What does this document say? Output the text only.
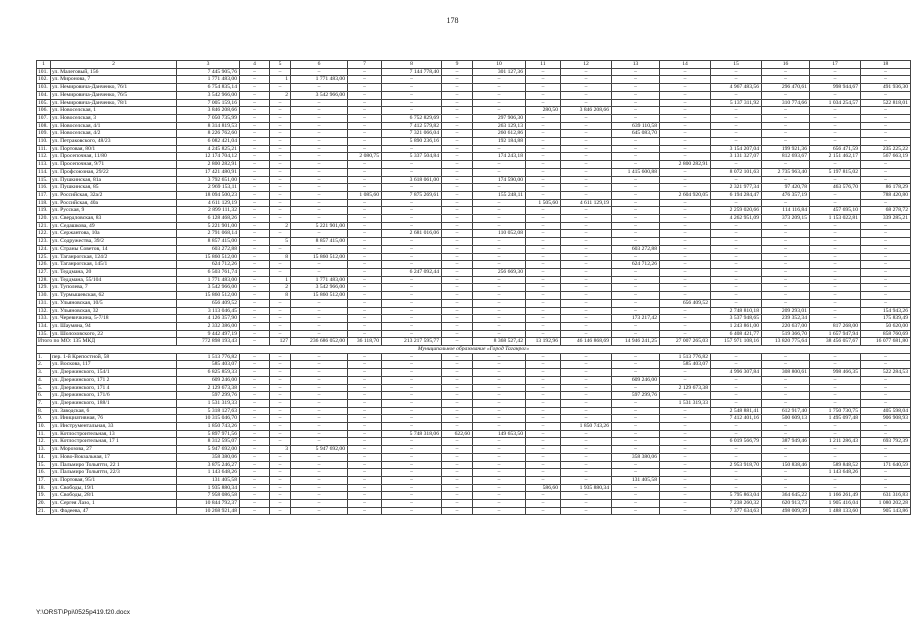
178
1	2	3	4	5	6	7	8	9	10	11	12	13	14	15	16	17	18
101.	ул. Малеговый, 156	7 445 905,76	–	–	–	–	7 144 778,40	–	301 127,36	–	–	–	–	–	–	–	–
102.	ул. Миронова, 7	1 771 483,00	–	1	1 771 483,00	–	–	–	–	–	–	–	–	–	–	–	–
103.	ул. Немировича-Данченко, 76/1	6 754 835,14	–	–	–	–	–	–	–	–	–	–	–	4 967 483,56	296 470,61	998 944,67	491 936,30
104.	ул. Немировича-Данченко, 76/5	3 542 966,00	–	2	3 542 966,00	–	–	–	–	–	–	–	–	–	–	–	–
105.	ул. Немировича-Данченко, 78/1	7 005 159,16	–	–	–	–	–	–	–	–	–	–	–	5 137 311,92	310 774,66	1 034 254,57	522 818,01
106.	ул. Новоселская, 1	3 846 208,66	–	–	–	–	–	–	–	280,50	3 846 208,66	–	–	–	–	–	–
107.	ул. Новоселская, 3	7 050 735,99	–	–	–	–	6 752 829,69	–	297 906,30	–	–	–	–	–	–	–	–
108.	ул. Новоселская, 4/1	8 314 819,53	–	–	–	–	7 412 579,82	–	263 129,13	–	–	639 110,58	–	–	–	–	–
109.	ул. Новоселская, 4/2	8 226 762,60	–	–	–	–	7 321 066,04	–	260 612,86	–	–	645 083,70	–	–	–	–	–
110.	ул. Петраковского, 48/23	6 082 421,04	–	–	–	–	5 890 236,16	–	192 184,88	–	–	–	–	–	–	–	–
111.	ул. Портовая, 80/1	4 245 825,21	–	–	–	–	–	–	–	–	–	–	–	3 154 207,04	199 921,36	656 471,59	235 225,22
112.	ул. Просепочная, 11/80	12 174 704,12	–	–	–	2 080,75	5 337 504,84	–	174 243,18	–	–	–	–	3 131 327,07	812 693,67	2 151 462,17	567 663,19
113.	ул. Просепочная, 9/71	2 800 282,91	–	–	–	–	–	–	–	–	–	–	2 800 282,91	–	–	–	–
114.	ул. Профсоюзная, 29/22	17 421 480,91	–	–	–	–	–	–	–	–	–	1 415 600,88	–	8 072 101,63	2 735 963,40	5 197 815,02	–
115.	ул. Пушкинская, 81а	3 792 651,00	–	–	–	–	3 618 061,00	–	174 590,00	–	–	–	–	–	–	–	–
116.	ул. Пушкинская, 85	2 969 153,11	–	–	–	–	–	–	–	–	–	–	–	2 321 977,34	97 420,78	463 576,70	86 178,29
117.	ул. Российская, 32а/2	18 094 500,23	–	–	–	1 085,60	7 875 269,61	–	155 248,11	–	–	–	2 604 920,05	6 194 284,47	476 357,19	–	788 420,80
118.	ул. Российская, 40а	4 611 129,19	–	–	–	–	–	–	–	1 505,60	4 611 129,19	–	–	–	–	–	–
119.	ул. Русская, 9	2 899 111,32	–	–	–	–	–	–	–	–	–	–	–	2 259 020,66	114 116,84	457 695,10	68 278,72
120.	ул. Свердловская, 83	6 128 468,26	–	–	–	–	–	–	–	–	–	–	–	4 262 951,09	373 209,15	1 153 022,81	339 285,21
121.	ул. Седашкова, 49	5 221 901,00	–	2	5 221 901,00	–	–	–	–	–	–	–	–	–	–	–	–
122.	ул. Сержантова, 10а	2 791 068,14	–	–	–	–	2 681 016,06	–	110 052,08	–	–	–	–	–	–	–	–
123.	ул. Содружества, 39/2	8 857 415,00	–	5	8 857 415,00	–	–	–	–	–	–	–	–	–	–	–	–
124.	ул. Страны Советов, 14	603 272,88	–	–	–	–	–	–	–	–	–	603 272,88	–	–	–	–	–
125.	ул. Таганрогская, 124/2	15 860 512,00	–	8	15 860 512,00	–	–	–	–	–	–	–	–	–	–	–	–
126.	ул. Таганрогская, 145/1	624 712,26	–	–	–	–	–	–	–	–	–	624 712,26	–	–	–	–	–
127.	ул. Теддмана, 20	6 503 761,74	–	–	–	–	6 247 092,44	–	256 669,30	–	–	–	–	–	–	–	–
128.	ул. Теддмана, 55/104	1 771 483,00	–	1	1 771 483,00	–	–	–	–	–	–	–	–	–	–	–	–
129.	ул. Туполева, 7	3 542 966,00	–	2	3 542 966,00	–	–	–	–	–	–	–	–	–	–	–	–
130.	ул. Турмышевская, 62	15 860 512,00	–	8	15 860 512,00	–	–	–	–	–	–	–	–	–	–	–	–
131.	ул. Ульяновская, 10/5	656 409,52	–	–	–	–	–	–	–	–	–	–	656 409,52	–	–	–	–
132.	ул. Ульяновская, 32	3 113 046,45	–	–	–	–	–	–	–	–	–	–	–	2 748 810,18	209 293,01	–	154 943,26
133.	ул. Чеpевичкина, 5-7/18	4 126 357,90	–	–	–	–	–	–	–	–	–	173 217,42	–	3 537 948,65	239 352,34	–	175 839,49
134.	ул. Шаумяна, 94	2 332 386,00	–	–	–	–	–	–	–	–	–	–	–	1 243 861,00	220 637,00	817 268,00	50 620,00
135.	ул. Шолоховского, 22	9 442 497,19	–	–	–	–	–	–	–	–	–	–	–	6 408 421,77	519 366,70	1 657 947,94	858 760,69
Итого по МО: 135 МКД		772 898 193,43	–	127	236 686 052,00	36 118,70	213 217 595,77	–	8 368 527,42	13 192,96	46 146 868,69	14 946 241,25	27 007 265,03	157 971 108,16	13 820 775,64	38 456 057,67	16 077 681,80
Муниципальное образование «Город Таганрог»																	
1.	пер. 1-й Крепостной, 58	1 513 776,82	–	–	–	–	–	–	–	–	–	–	1 513 776,82	–	–	–	–
2.	ул. Воскова, 117	585 403,07	–	–	–	–	–	–	–	–	–	–	585 403,07	–	–	–	–
3.	ул. Дзержинского, 154/1	6 825 859,33	–	–	–	–	–	–	–	–	–	–	–	4 996 307,84	308 800,61	998 466,35	522 284,53
4.	ул. Дзержинского, 171 2	609 246,00	–	–	–	–	–	–	–	–	–	609 246,00	–	–	–	–	–
5.	ул. Дзержинского, 171 4	2 129 673,38	–	–	–	–	–	–	–	–	–	–	2 129 673,38	–	–	–	–
6.	ул. Дзержинского, 171/6	597 299,76	–	–	–	–	–	–	–	–	–	597 299,76	–	–	–	–	–
7.	ул. Дзержинского, 188/1	1 531 319,33	–	–	–	–	–	–	–	–	–	–	1 531 319,33	–	–	–	–
8.	ул. Заводская, 6	5 318 127,63	–	–	–	–	–	–	–	–	–	–	–	2 548 881,41	612 917,40	1 750 730,75	405 598,04
9.	ул. Инициативная, 76	10 315 046,70	–	–	–	–	–	–	–	–	–	–	–	7 412 401,16	500 609,13	1 495 097,48	906 908,93
10.	ул. Инструментальная, 33	1 850 743,26	–	–	–	–	–	–	–	–	1 850 743,26	–	–	–	–	–	–
11.	ул. Котлостроительная, 13	5 897 971,56	–	–	–	–	5 748 318,06	622,60	149 653,50	–	–	–	–	–	–	–	–
12.	ул. Котлостроительная, 17 1	8 312 595,07	–	–	–	–	–	–	–	–	–	–	–	6 019 566,79	387 949,46	1 211 286,43	693 792,39
13.	ул. Морозова, 27	5 947 692,00	–	3	5 947 692,00	–	–	–	–	–	–	–	–	–	–	–	–
14.	ул. Ново-Вокзальная, 17	358 380,06	–	–	–	–	–	–	–	–	–	358 380,06	–	–	–	–	–
15.	ул. Пальмиро Тольятти, 22 1	3 875 246,27	–	–	–	–	–	–	–	–	–	–	–	2 953 918,70	150 838,46	589 848,52	171 640,59
16.	ул. Пальмиро Тольятти, 22/3	1 143 648,26	–	–	–	–	–	–	–	–	–	–	–	–	–	1 143 648,26	–
17.	ул. Портовая, 95/1	131 405,58	–	–	–	–	–	–	–	–	–	131 405,58	–	–	–	–	–
18.	ул. Свободы, 19/1	1 935 880,34	–	–	–	–	–	–	–	586,60	1 935 880,34	–	–	–	–	–	–
19.	ул. Свободы, 28/1	7 958 086,58	–	–	–	–	–	–	–	–	–	–	–	5 795 863,04	364 645,22	1 166 261,49	631 316,83
20.	ул. Сергея Лазо, 1	10 844 792,37	–	–	–	–	–	–	–	–	–	–	–	7 238 260,32	620 913,73	1 905 416,04	1 080 202,28
21.	ул. Фадеева, 47	10 268 921,48	–	–	–	–	–	–	–	–	–	–	–	7 377 634,63	498 009,39	1 488 133,60	905 143,86
Y:\ORST\Ppi\0525p419.f20.docx
